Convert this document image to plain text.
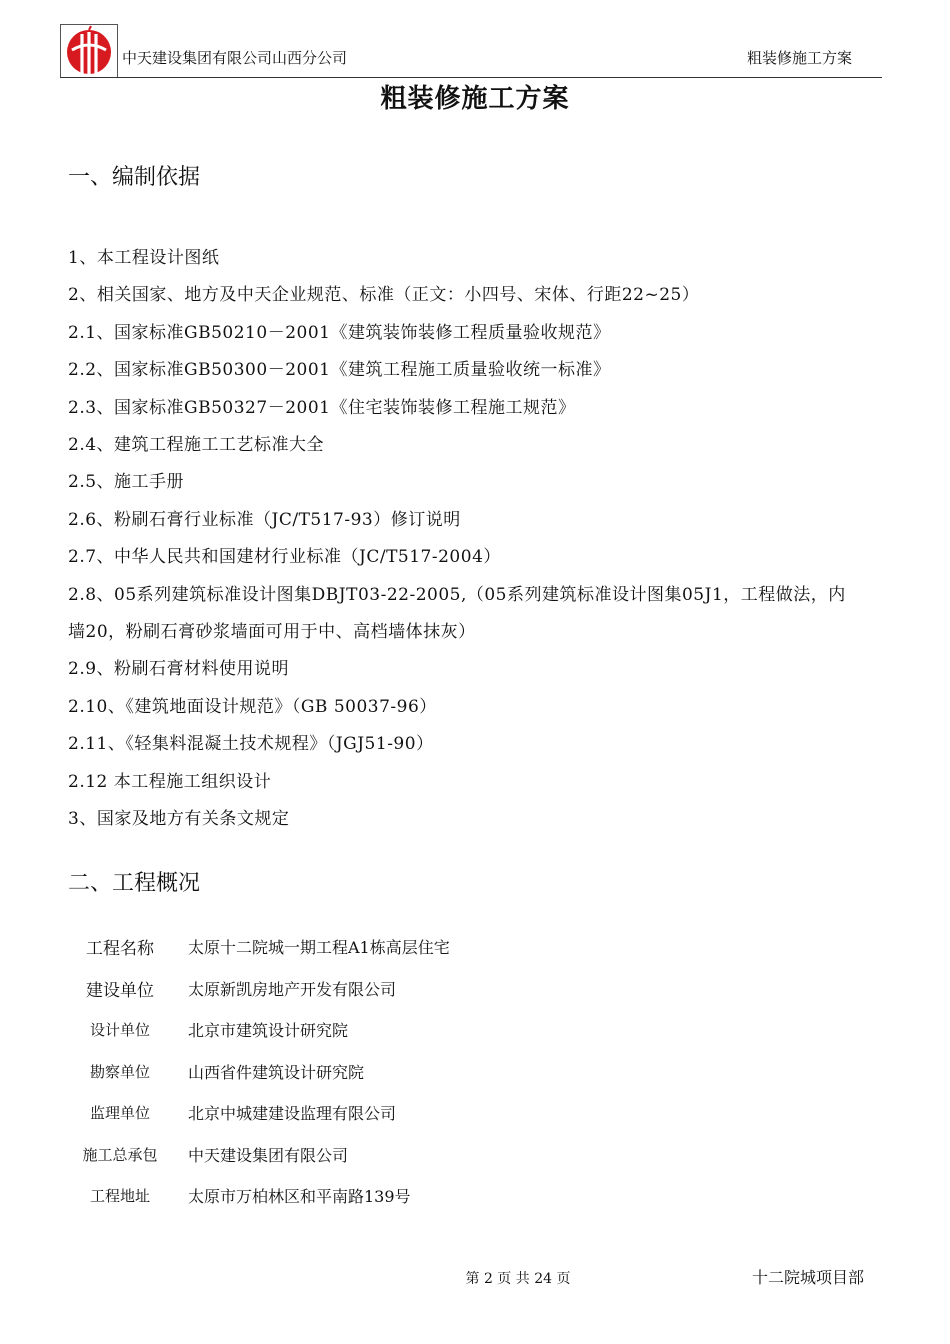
中天建设集团有限公司山西分公司	粗装修施工方案
粗装修施工方案
一、编制依据
1、本工程设计图纸
2、相关国家、地方及中天企业规范、标准（正文：小四号、宋体、行距22~25）
2.1、国家标准GB50210－2001《建筑装饰装修工程质量验收规范》
2.2、国家标准GB50300－2001《建筑工程施工质量验收统一标准》
2.3、国家标准GB50327－2001《住宅装饰装修工程施工规范》
2.4、建筑工程施工工艺标准大全
2.5、施工手册
2.6、粉刷石膏行业标准（JC/T517-93）修订说明
2.7、中华人民共和国建材行业标准（JC/T517-2004）
2.8、05系列建筑标准设计图集DBJT03-22-2005,（05系列建筑标准设计图集05J1，工程做法，内
墙20，粉刷石膏砂浆墙面可用于中、高档墙体抹灰）
2.9、粉刷石膏材料使用说明
2.10、《建筑地面设计规范》（GB 50037-96）
2.11、《轻集料混凝土技术规程》（JGJ51-90）
2.12 本工程施工组织设计
3、国家及地方有关条文规定
二、工程概况
工程名称	太原十二院城一期工程A1栋高层住宅
建设单位	太原新凯房地产开发有限公司
设计单位	北京市建筑设计研究院
勘察单位	山西省件建筑设计研究院
监理单位	北京中城建建设监理有限公司
施工总承包	中天建设集团有限公司
工程地址	太原市万柏林区和平南路139号
第 2 页 共 24 页	十二院城项目部
